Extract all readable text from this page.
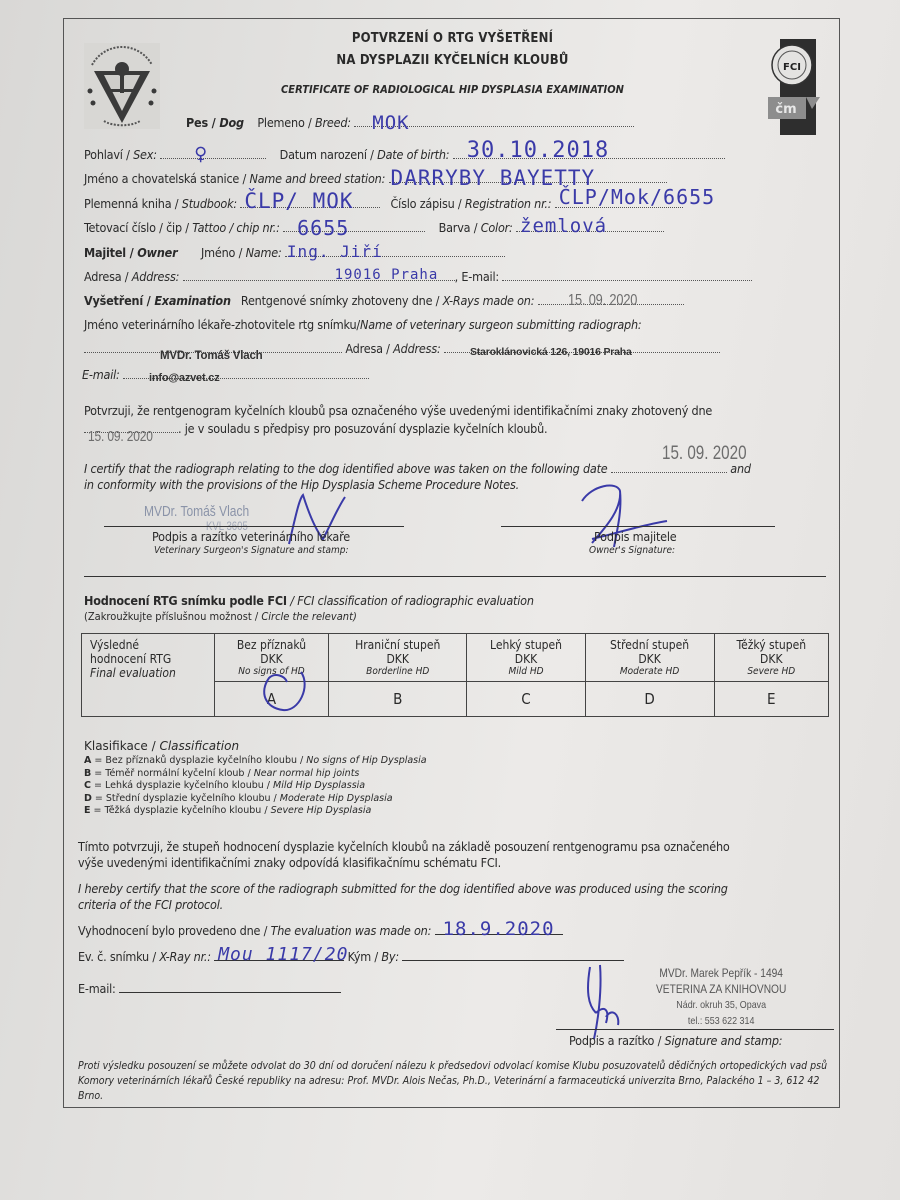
FCI
čm
POTVRZENÍ O RTG VYŠETŘENÍ
NA DYSPLAZII KYČELNÍCH KLOUBŮ
CERTIFICATE OF RADIOLOGICAL HIP DYSPLASIA EXAMINATION
Pes / Dog Plemeno / Breed: MOK
Pohlaví / Sex: ♀	Datum narození / Date of birth: 30.10.2018
Jméno a chovatelská stanice / Name and breed station: DARRYBY BAYETTY
Plemenná kniha / Studbook: ČLP/ MOK	Číslo zápisu / Registration nr.: ČLP/Mok/6655
Tetovací číslo / čip / Tattoo / chip nr.: 6655	Barva / Color: žemlová
Majitel / Owner Jméno / Name: Ing. Jiří
Adresa / Address:	19016 Praha , E-mail:
Vyšetření / Examination Rentgenové snímky zhotoveny dne / X-Rays made on: 15. 09. 2020
Jméno veterinárního lékaře-zhotovitele rtg snímku/Name of veterinary surgeon submitting radiograph:
MVDr. Tomáš Vlach	Adresa / Address:	Staroklánovická 126, 19016 Praha
E-mail:	info@azvet.cz
Potvrzuji, že rentgenogram kyčelních kloubů psa označeného výše uvedenými identifikačními znaky zhotovený dne
15. 09. 2020 . je v souladu s předpisy pro posuzování dysplazie kyčelních kloubů.
15. 09. 2020
I certify that the radiograph relating to the dog identified above was taken on the following date	and
in conformity with the provisions of the Hip Dysplasia Scheme Procedure Notes.
MVDr. Tomáš Vlach
KVL 3605
Podpis a razítko veterinárního lékaře
Veterinary Surgeon's Signature and stamp:
Podpis majitele
Owner's Signature:
Hodnocení RTG snímku podle FCI / FCI classification of radiographic evaluation
(Zakroužkujte příslušnou možnost / Circle the relevant)
Výsledné
hodnocení RTG
Final evaluation

Bez příznaků
DKK
No signs of HD

Hraniční stupeň
DKK
Borderline HD

Lehký stupeň
DKK
Mild HD

Střední stupeň
DKK
Moderate HD

Těžký stupeň
DKK
Severe HD

	A	B	C	D	E
Klasifikace / Classification
A = Bez příznaků dysplazie kyčelního kloubu / No signs of Hip Dysplasia
B = Téměř normální kyčelní kloub / Near normal hip joints
C = Lehká dysplazie kyčelního kloubu / Mild Hip Dysplassia
D = Střední dysplazie kyčelního kloubu / Moderate Hip Dysplasia
E = Těžká dysplazie kyčelního kloubu / Severe Hip Dysplasia
Tímto potvrzuji, že stupeň hodnocení dysplazie kyčelních kloubů na základě posouzení rentgenogramu psa označeného
výše uvedenými identifikačními znaky odpovídá klasifikačnímu schématu FCI.
I hereby certify that the score of the radiograph submitted for the dog identified above was produced using the scoring
criteria of the FCI protocol.
Vyhodnocení bylo provedeno dne / The evaluation was made on: 18.9.2020
Ev. č. snímku / X-Ray nr.: Mou 1117/20 Kým / By:
E-mail:
MVDr. Marek Pepřík - 1494
VETERINA ZA KNIHOVNOU
Nádr. okruh 35, Opava
tel.: 553 622 314
Podpis a razítko / Signature and stamp:
Proti výsledku posouzení se můžete odvolat do 30 dní od doručení nálezu k předsedovi odvolací komise Klubu posuzovatelů dědičných ortopedických vad psů Komory veterinárních lékařů České republiky na adresu: Prof. MVDr. Alois Nečas, Ph.D., Veterinární a farmaceutická univerzita Brno, Palackého 1 – 3, 612 42 Brno.
